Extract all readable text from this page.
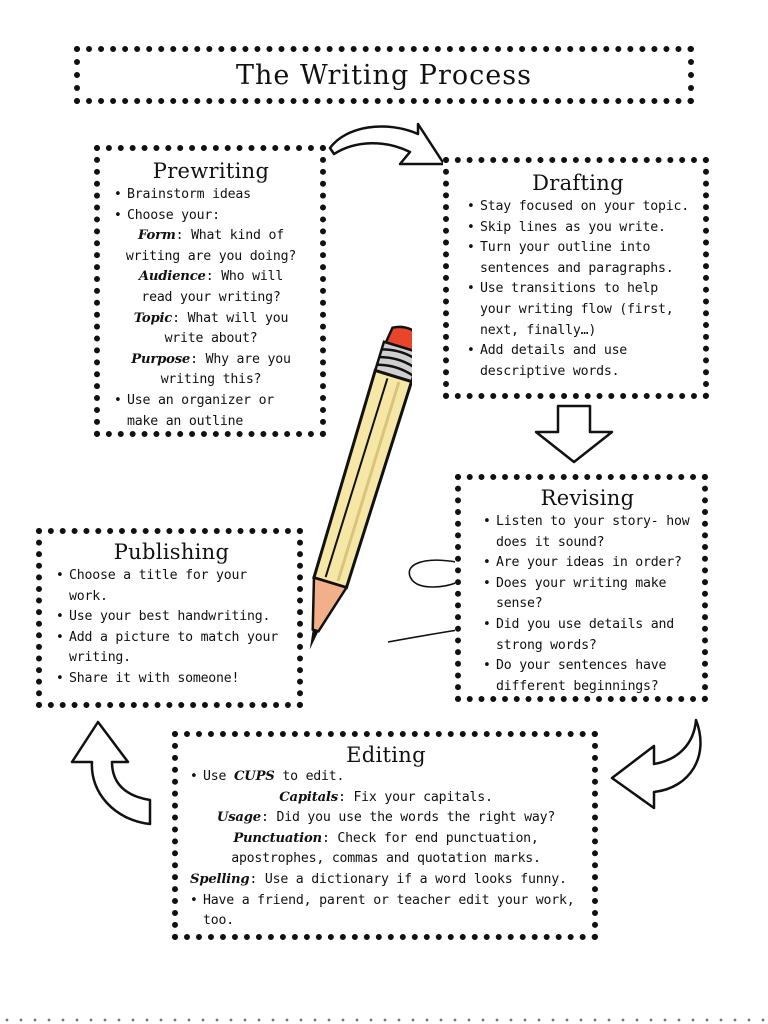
The Writing Process
Prewriting
• Brainstorm ideas
• Choose your:
Form: What kind of
writing are you doing?
Audience: Who will
read your writing?
Topic: What will you
write about?
Purpose: Why are you
writing this?
• Use an organizer or make an outline
Drafting
• Stay focused on your topic.
• Skip lines as you write.
• Turn your outline into sentences and paragraphs.
• Use transitions to help your writing flow (first, next, finally…)
• Add details and use descriptive words.
Revising
• Listen to your story- how does it sound?
• Are your ideas in order?
• Does your writing make sense?
• Did you use details and strong words?
• Do your sentences have different beginnings?
Publishing
• Choose a title for your work.
• Use your best handwriting.
• Add a picture to match your writing.
• Share it with someone!
Editing
• Use CUPS to edit.
Capitals: Fix your capitals.
Usage: Did you use the words the right way?
Punctuation: Check for end punctuation,
apostrophes, commas and quotation marks.
Spelling: Use a dictionary if a word looks funny.
• Have a friend, parent or teacher edit your work, too.
